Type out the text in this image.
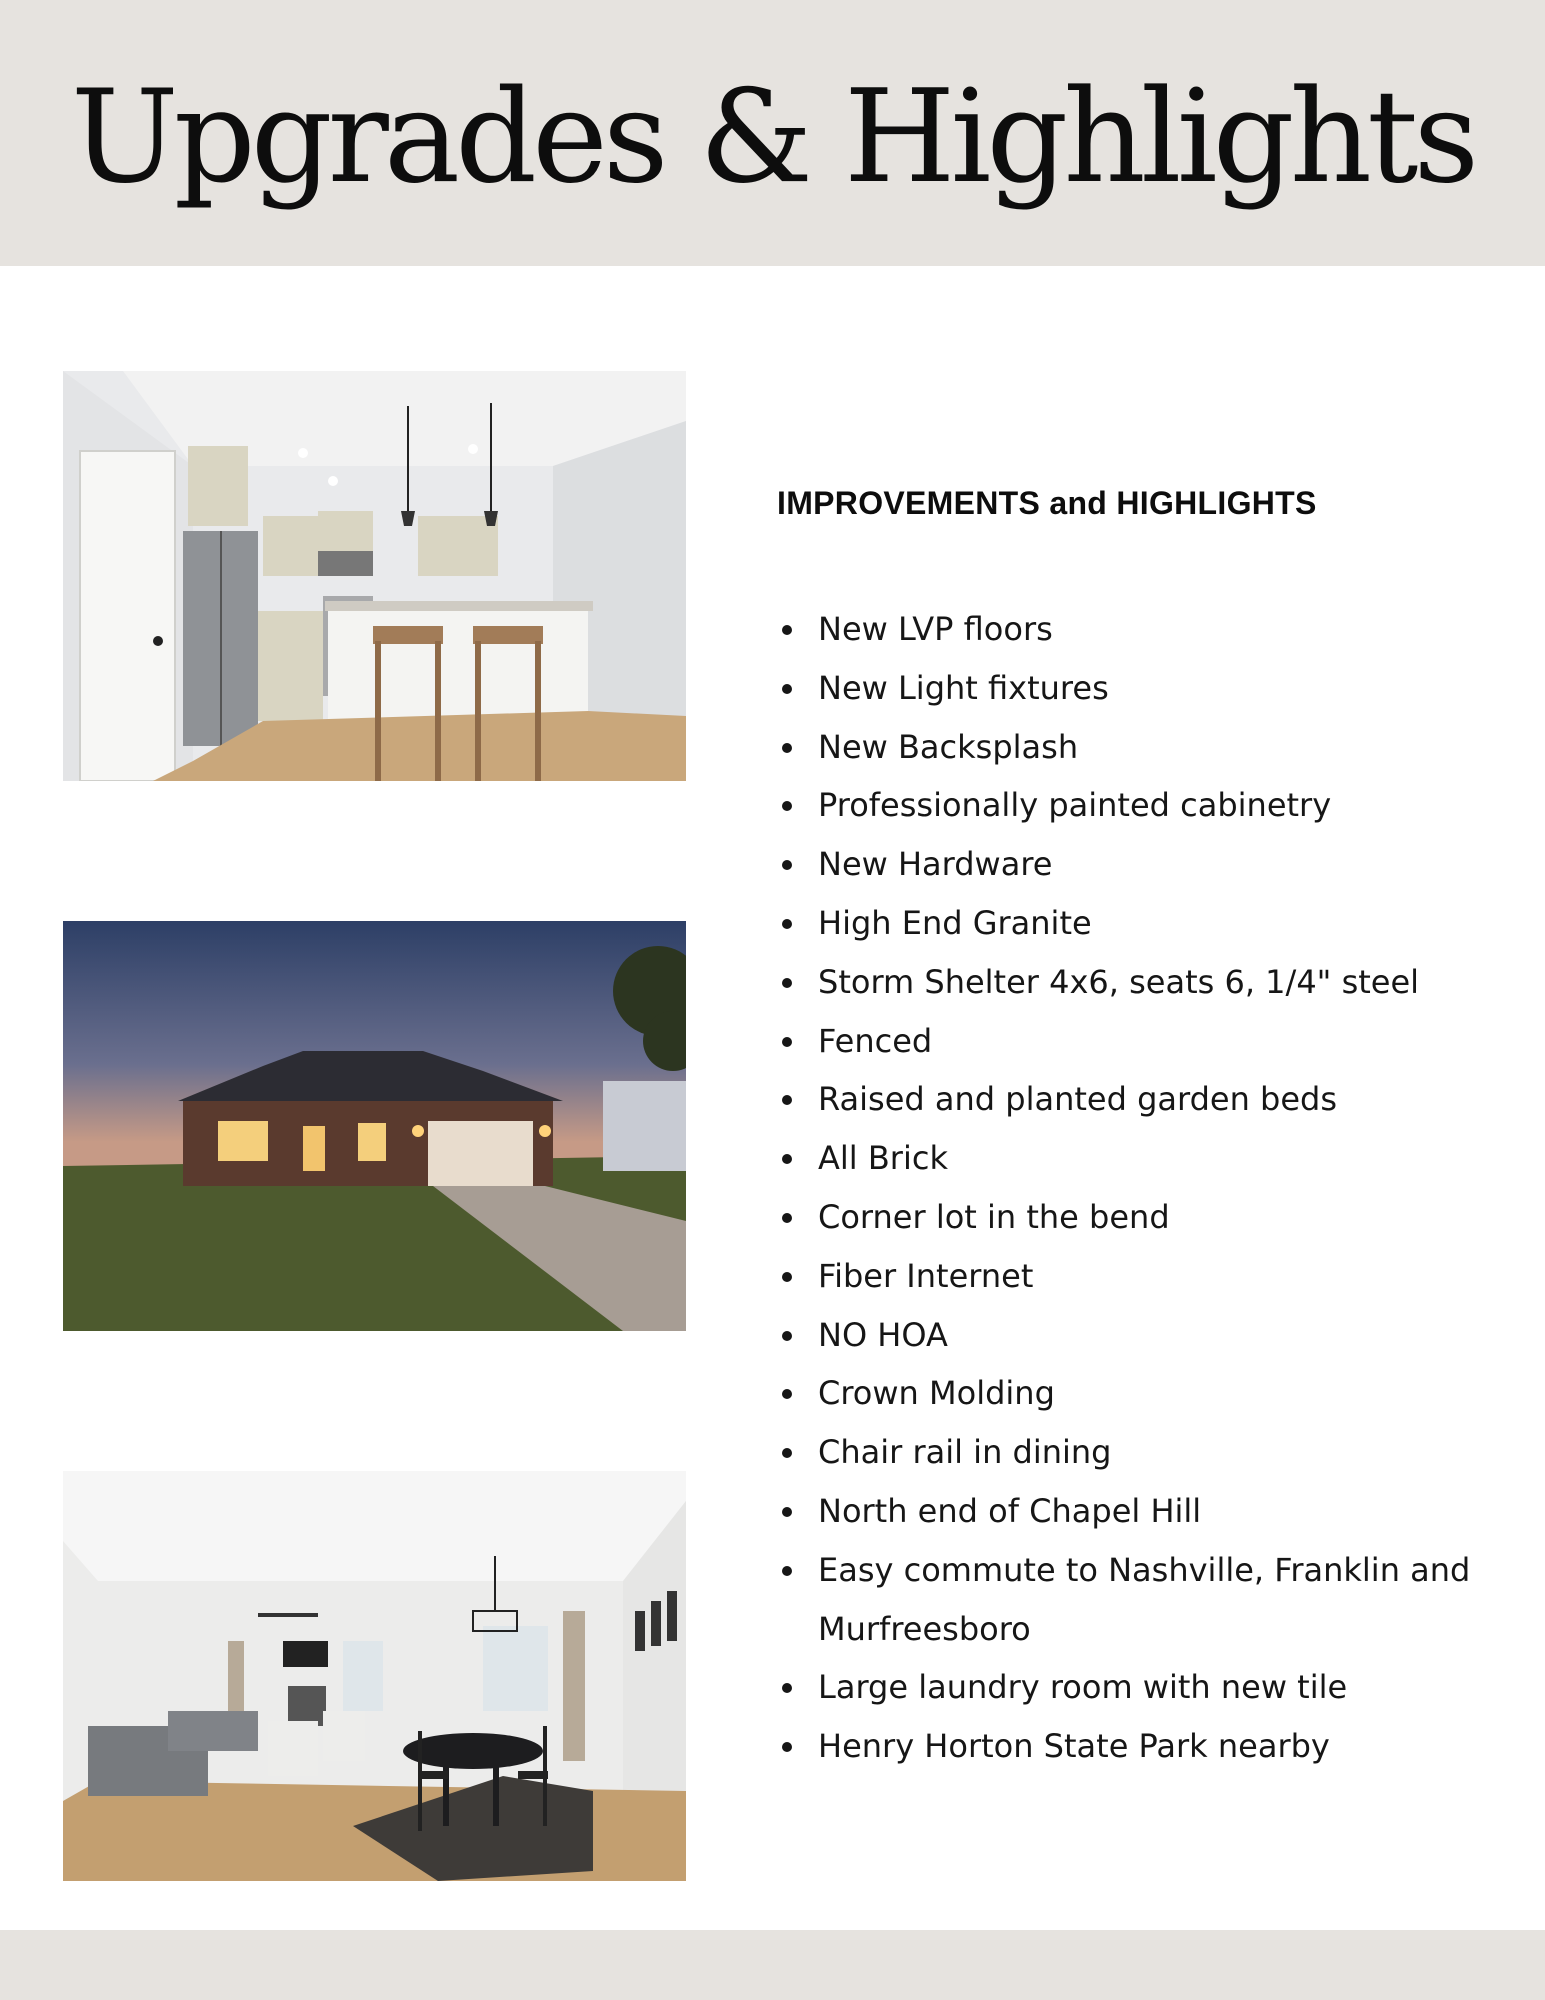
Upgrades & Highlights
IMPROVEMENTS and HIGHLIGHTS
New LVP floors
New Light fixtures
New Backsplash
Professionally painted cabinetry
New Hardware
High End Granite
Storm Shelter 4x6, seats 6, 1/4" steel
Fenced
Raised and planted garden beds
All Brick
Corner lot in the bend
Fiber Internet
NO HOA
Crown Molding
Chair rail in dining
North end of Chapel Hill
Easy commute to Nashville, Franklin and Murfreesboro
Large laundry room with new tile
Henry Horton State Park nearby
